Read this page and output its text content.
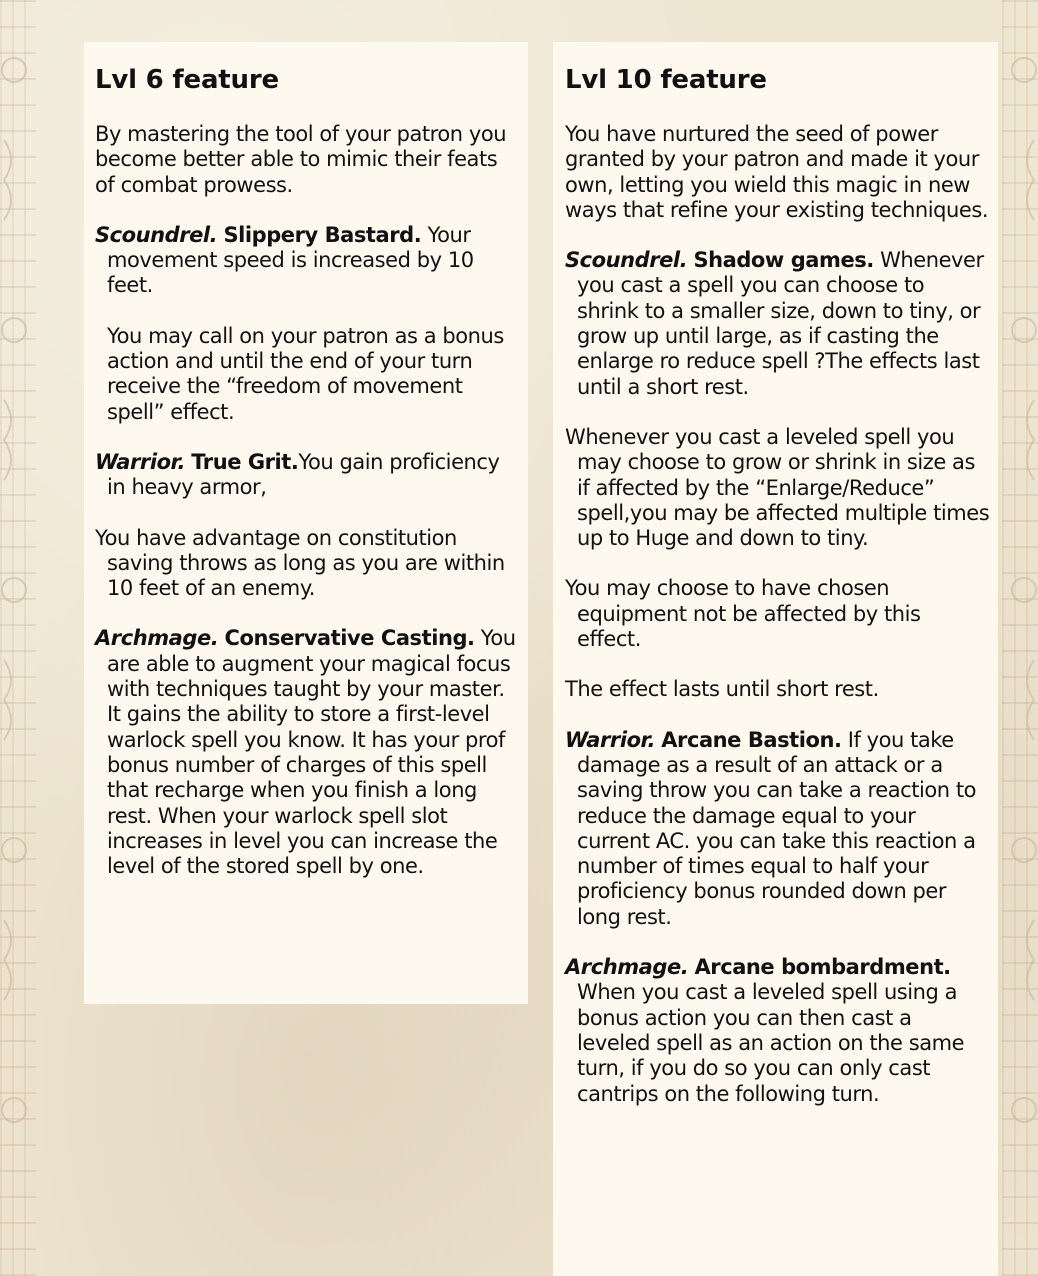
Lvl 6 feature

By mastering the tool of your patron you become better able to mimic their feats of combat prowess.

Scoundrel. Slippery Bastard. Your movement speed is increased by 10 feet.

You may call on your patron as a bonus action and until the end of your turn receive the “freedom of movement spell” effect.

Warrior. True Grit.You gain proficiency in heavy armor,

You have advantage on constitution saving throws as long as you are within 10 feet of an enemy.

Archmage. Conservative Casting. You are able to augment your magical focus with techniques taught by your master. It gains the ability to store a first-level warlock spell you know. It has your prof bonus number of charges of this spell that recharge when you finish a long rest. When your warlock spell slot increases in level you can increase the level of the stored spell by one.

Lvl 10 feature

You have nurtured the seed of power granted by your patron and made it your own, letting you wield this magic in new ways that refine your existing techniques.

Scoundrel. Shadow games. Whenever you cast a spell you can choose to shrink to a smaller size, down to tiny, or grow up until large, as if casting the enlarge ro reduce spell ?The effects last until a short rest.

Whenever you cast a leveled spell you may choose to grow or shrink in size as if affected by the “Enlarge/Reduce” spell,you may be affected multiple times up to Huge and down to tiny.

You may choose to have chosen equipment not be affected by this effect.

The effect lasts until short rest.

Warrior. Arcane Bastion. If you take damage as a result of an attack or a saving throw you can take a reaction to reduce the damage equal to your current AC. you can take this reaction a number of times equal to half your proficiency bonus rounded down per long rest.

Archmage. Arcane bombardment. When you cast a leveled spell using a bonus action you can then cast a leveled spell as an action on the same turn, if you do so you can only cast cantrips on the following turn.
